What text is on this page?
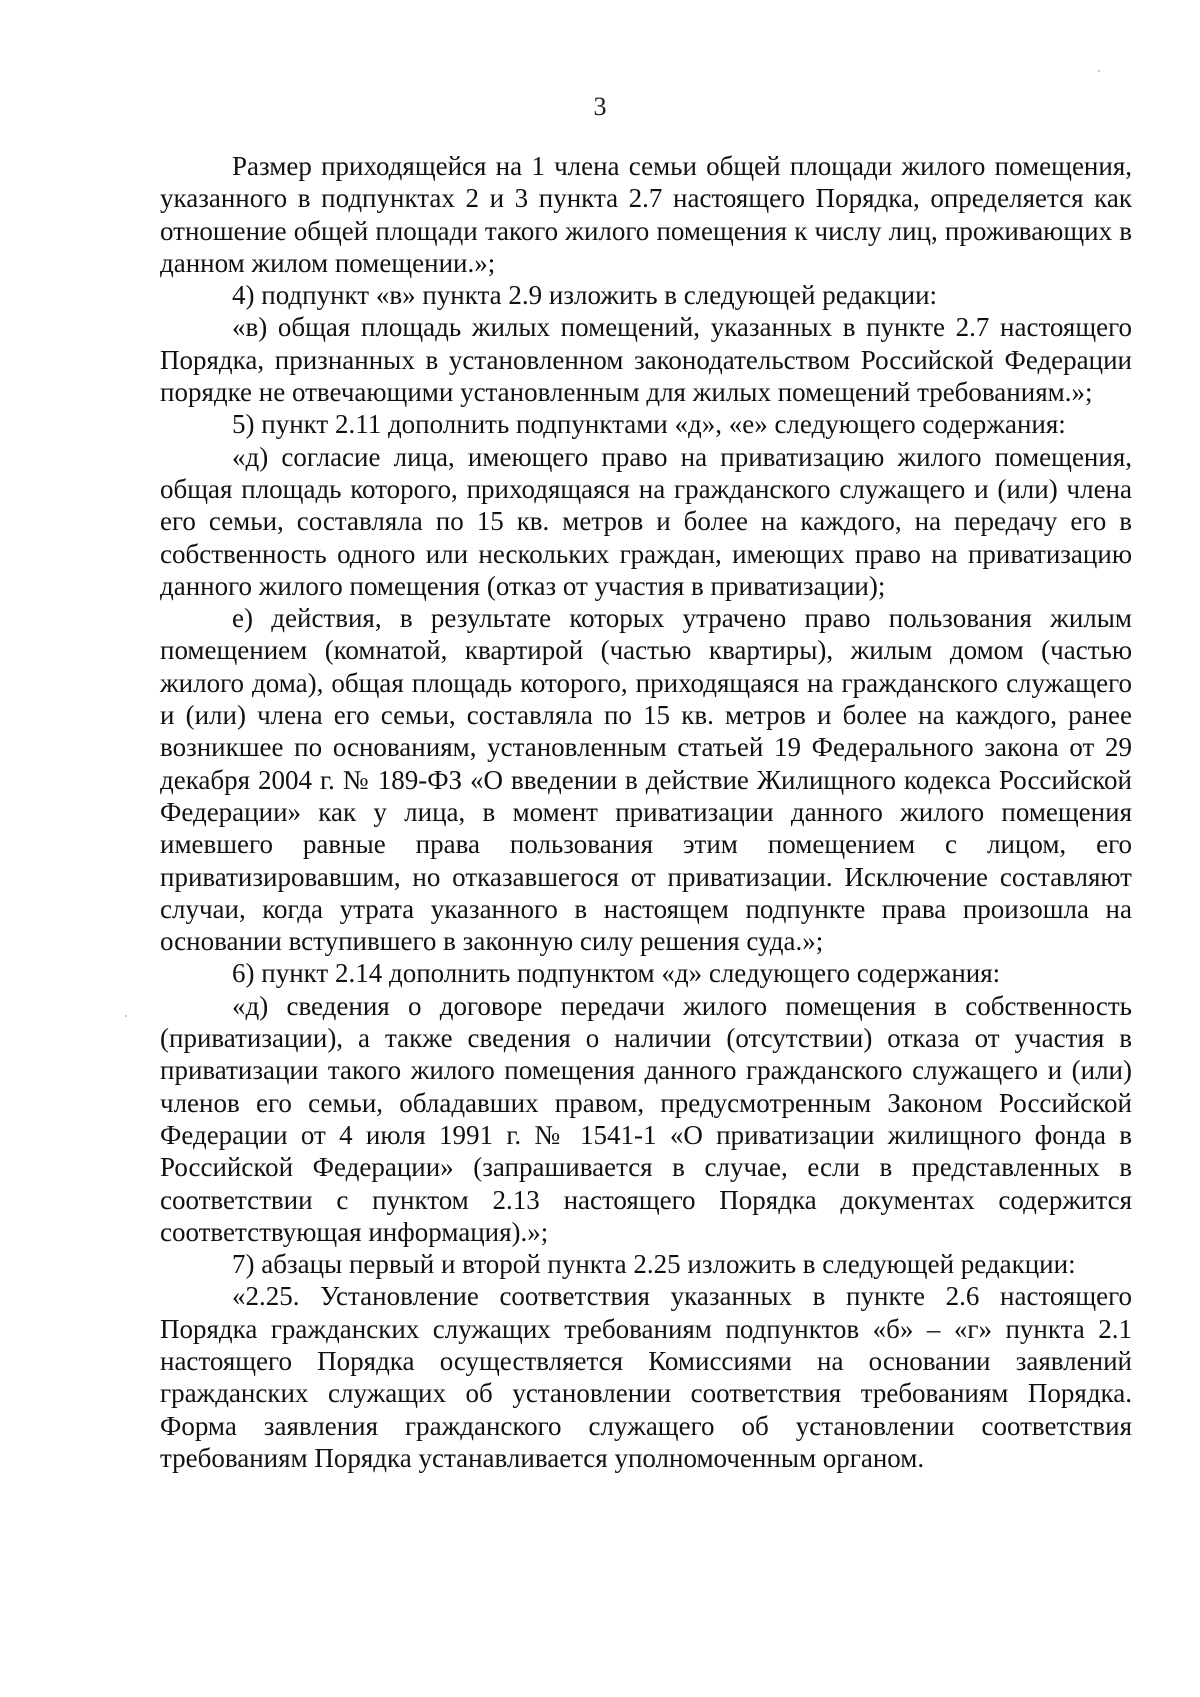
3

Размер приходящейся на 1 члена семьи общей площади жилого помещения, указанного в подпунктах 2 и 3 пункта 2.7 настоящего Порядка, определяется как отношение общей площади такого жилого помещения к числу лиц, проживающих в данном жилом помещении.»;

4) подпункт «в» пункта 2.9 изложить в следующей редакции:

«в) общая площадь жилых помещений, указанных в пункте 2.7 настоящего Порядка, признанных в установленном законодательством Российской Федерации порядке не отвечающими установленным для жилых помещений требованиям.»;

5) пункт 2.11 дополнить подпунктами «д», «е» следующего содержания:

«д) согласие лица, имеющего право на приватизацию жилого помещения, общая площадь которого, приходящаяся на гражданского служащего и (или) члена его семьи, составляла по 15 кв. метров и более на каждого, на передачу его в собственность одного или нескольких граждан, имеющих право на приватизацию данного жилого помещения (отказ от участия в приватизации);

е) действия, в результате которых утрачено право пользования жилым помещением (комнатой, квартирой (частью квартиры), жилым домом (частью жилого дома), общая площадь которого, приходящаяся на гражданского служащего и (или) члена его семьи, составляла по 15 кв. метров и более на каждого, ранее возникшее по основаниям, установленным статьей 19 Федерального закона от 29 декабря 2004 г. № 189-ФЗ «О введении в действие Жилищного кодекса Российской Федерации» как у лица, в момент приватизации данного жилого помещения имевшего равные права пользования этим помещением с лицом, его приватизировавшим, но отказавшегося от приватизации. Исключение составляют случаи, когда утрата указанного в настоящем подпункте права произошла на основании вступившего в законную силу решения суда.»;

6) пункт 2.14 дополнить подпунктом «д» следующего содержания:

«д) сведения о договоре передачи жилого помещения в собственность (приватизации), а также сведения о наличии (отсутствии) отказа от участия в приватизации такого жилого помещения данного гражданского служащего и (или) членов его семьи, обладавших правом, предусмотренным Законом Российской Федерации от 4 июля 1991 г. № 1541-1 «О приватизации жилищного фонда в Российской Федерации» (запрашивается в случае, если в представленных в соответствии с пунктом 2.13 настоящего Порядка документах содержится соответствующая информация).»;

7) абзацы первый и второй пункта 2.25 изложить в следующей редакции:

«2.25. Установление соответствия указанных в пункте 2.6 настоящего Порядка гражданских служащих требованиям подпунктов «б» – «г» пункта 2.1 настоящего Порядка осуществляется Комиссиями на основании заявлений гражданских служащих об установлении соответствия требованиям Порядка. Форма заявления гражданского служащего об установлении соответствия требованиям Порядка устанавливается уполномоченным органом.
